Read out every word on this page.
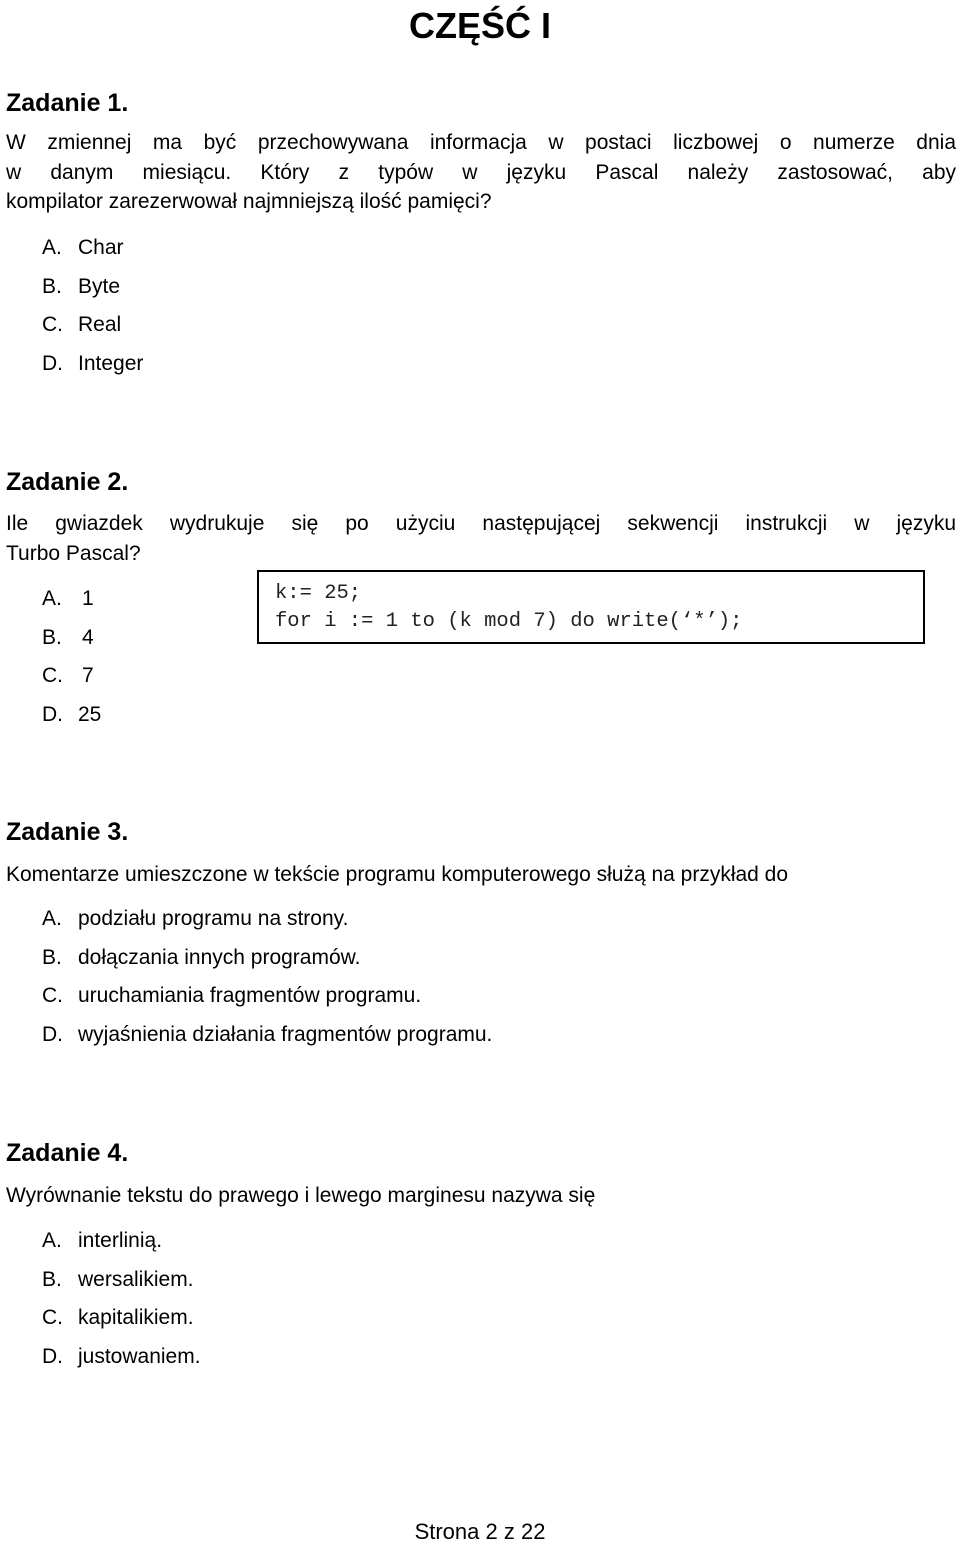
CZĘŚĆ I
Zadanie 1.
W zmiennej ma być przechowywana informacja w postaci liczbowej o numerze dnia
w danym miesiącu. Który z typów w języku Pascal należy zastosować, aby
kompilator zarezerwował najmniejszą ilość pamięci?
A. Char
B. Byte
C. Real
D. Integer
Zadanie 2.
Ile gwiazdek wydrukuje się po użyciu następującej sekwencji instrukcji w języku
Turbo Pascal?
A. 1
B. 4
C. 7
D. 25
k:= 25;
for i := 1 to (k mod 7) do write(‘*’);
Zadanie 3.
Komentarze umieszczone w tekście programu komputerowego służą na przykład do
A. podziału programu na strony.
B. dołączania innych programów.
C. uruchamiania fragmentów programu.
D. wyjaśnienia działania fragmentów programu.
Zadanie 4.
Wyrównanie tekstu do prawego i lewego marginesu nazywa się
A. interlinią.
B. wersalikiem.
C. kapitalikiem.
D. justowaniem.
Strona 2 z 22
